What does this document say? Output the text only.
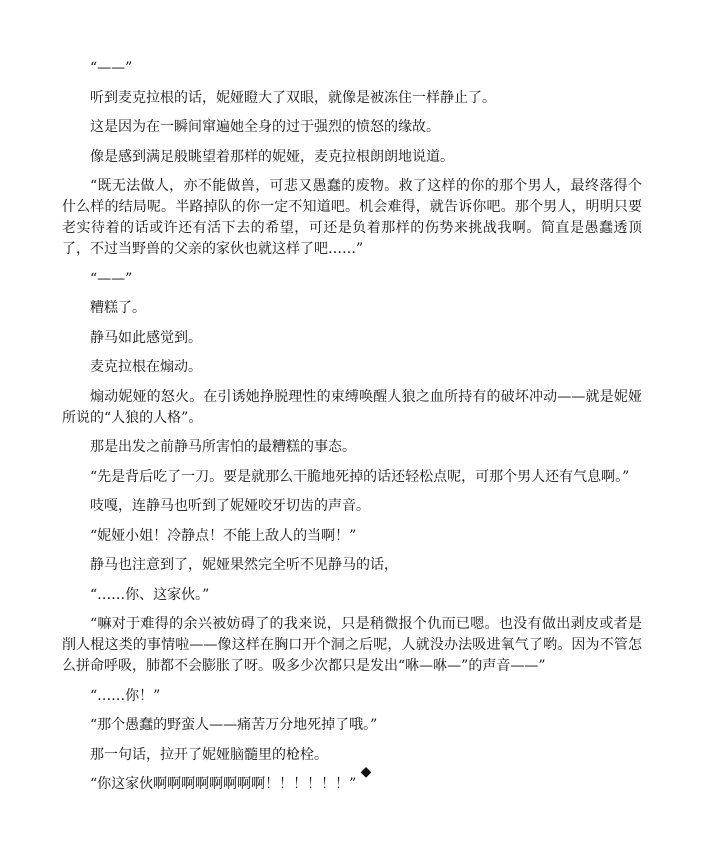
“——”

听到麦克拉根的话，妮娅瞪大了双眼，就像是被冻住一样静止了。

这是因为在一瞬间窜遍她全身的过于强烈的愤怒的缘故。

像是感到满足般眺望着那样的妮娅，麦克拉根朗朗地说道。

“既无法做人，亦不能做兽，可悲又愚蠢的废物。救了这样的你的那个男人，最终落得个什么样的结局呢。半路掉队的你一定不知道吧。机会难得，就告诉你吧。那个男人，明明只要老实待着的话或许还有活下去的希望，可还是负着那样的伤势来挑战我啊。简直是愚蠢透顶了，不过当野兽的父亲的家伙也就这样了吧……”

“——”

糟糕了。

静马如此感觉到。

麦克拉根在煽动。

煽动妮娅的怒火。在引诱她挣脱理性的束缚唤醒人狼之血所持有的破坏冲动——就是妮娅所说的“人狼的人格”。

那是出发之前静马所害怕的最糟糕的事态。

“先是背后吃了一刀。要是就那么干脆地死掉的话还轻松点呢，可那个男人还有气息啊。”

吱嘎，连静马也听到了妮娅咬牙切齿的声音。

“妮娅小姐！冷静点！不能上敌人的当啊！”

静马也注意到了，妮娅果然完全听不见静马的话，

“……你、这家伙。”

“嘛对于难得的余兴被妨碍了的我来说，只是稍微报个仇而已嗯。也没有做出剥皮或者是削人棍这类的事情啦——像这样在胸口开个洞之后呢，人就没办法吸进氧气了哟。因为不管怎么拼命呼吸，肺都不会膨胀了呀。吸多少次都只是发出“咻—咻—”的声音——”

“……你！”

“那个愚蠢的野蛮人——痛苦万分地死掉了哦。”

那一句话，拉开了妮娅脑髓里的枪栓。

“你这家伙啊啊啊啊啊啊啊啊！！！！！！”

◆
